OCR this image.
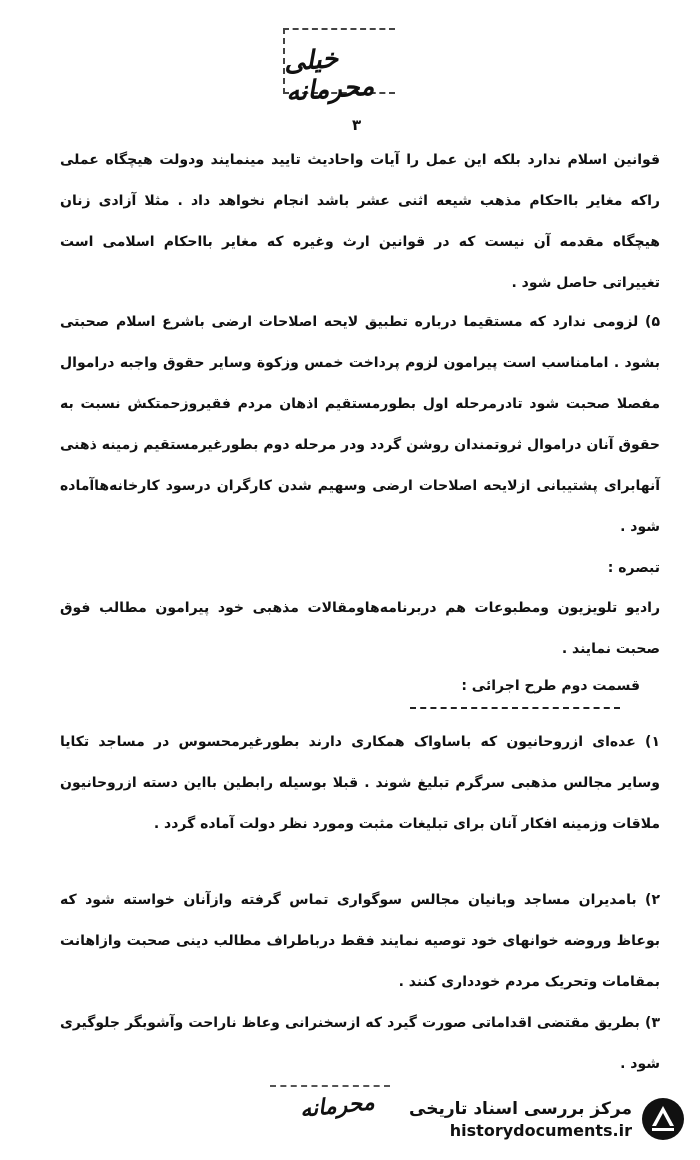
خیلی محرمانه
۳

قوانین اسلام ندارد بلکه این عمل را آیات واحادیث تایید مینمایند ودولت هیچگاه عملی راکه مغایر بااحکام مذهب شیعه اثنی عشر باشد انجام نخواهد داد . مثلا آزادی زنان هیچگاه مقدمه آن نیست که در قوانین ارث وغیره که مغایر بااحکام اسلامی است تغییراتی حاصل شود .

۵) لزومی ندارد که مستقیما درباره تطبیق لایحه اصلاحات ارضی باشرع اسلام صحبتی بشود . امامناسب است پیرامون لزوم پرداخت خمس وزکوة وسایر حقوق واجبه دراموال مفصلا صحبت شود تادرمرحله اول بطورمستقیم اذهان مردم فقیروزحمتکش نسبت به حقوق آنان دراموال ثروتمندان روشن گردد ودر مرحله دوم بطورغیرمستقیم زمینه ذهنی آنهابرای پشتیبانی ازلایحه اصلاحات ارضی وسهیم شدن کارگران درسود کارخانه‌هاآماده شود .

تبصره :

رادیو تلویزیون ومطبوعات هم دربرنامه‌هاومقالات مذهبی خود پیرامون مطالب فوق صحبت نمایند .

قسمت دوم طرح اجرائی :

۱) عده‌ای ازروحانیون که باساواک همکاری دارند بطورغیرمحسوس در مساجد تکایا وسایر مجالس مذهبی سرگرم تبلیغ شوند . قبلا بوسیله رابطین بااین دسته ازروحانیون ملاقات وزمینه افکار آنان برای تبلیغات مثبت ومورد نظر دولت آماده گردد .

۲) بامدیران مساجد وبانیان مجالس سوگواری تماس گرفته وازآنان خواسته شود که بوعاظ وروضه خوانهای خود توصیه نمایند فقط درباطراف مطالب دینی صحبت وازاهانت بمقامات وتحریک مردم خودداری کنند .

۳) بطریق مقتضی اقداماتی صورت گیرد که ازسخنرانی وعاظ ناراحت وآشوبگر جلوگیری شود .

محرمانه مرکز بررسی اسناد تاریخی
historydocuments.ir
